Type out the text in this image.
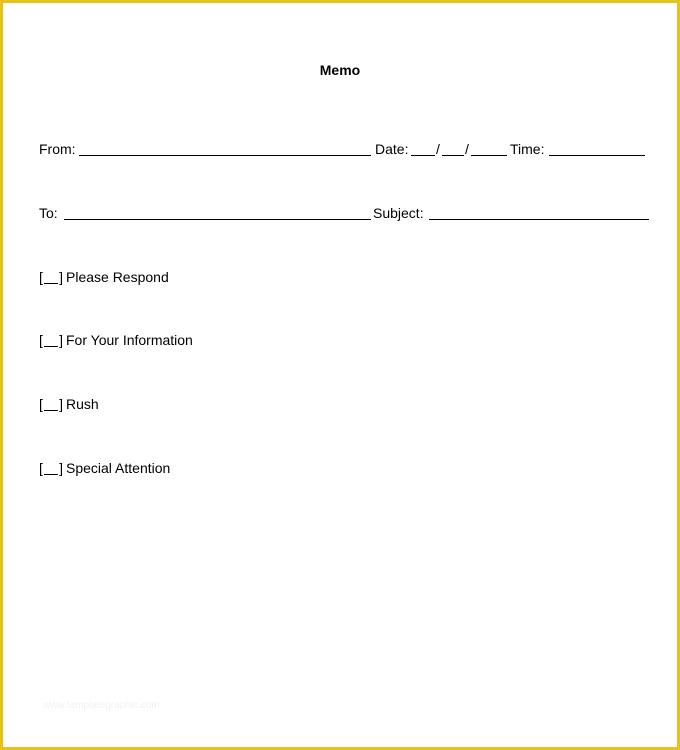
Memo
From:	Date: / /	Time:
To:	Subject:
[ ] Please Respond
[ ] For Your Information
[ ] Rush
[ ] Special Attention
www.templategraphic.com
